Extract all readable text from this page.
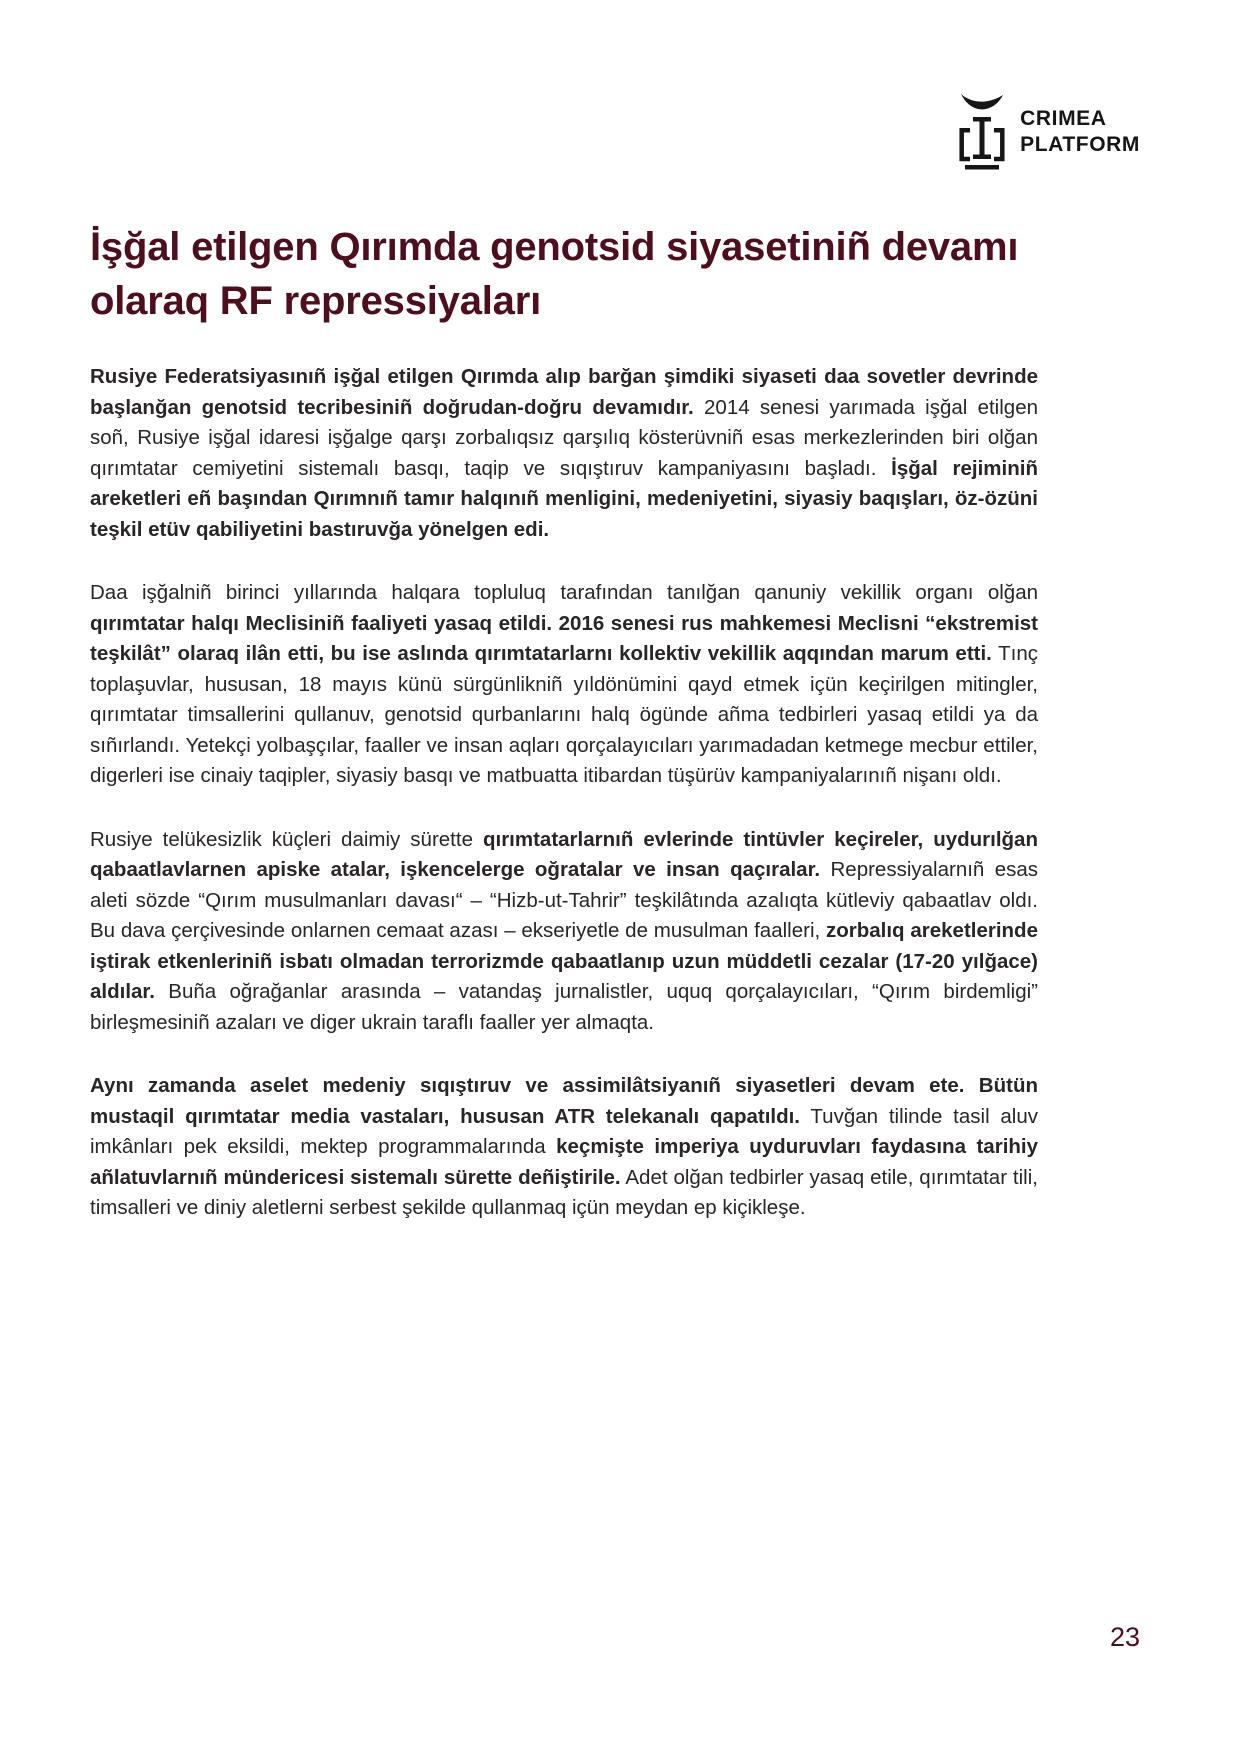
CRIMEA
PLATFORM
İşğal etilgen Qırımda genotsid siyasetiniñ devamı olaraq RF repressiyaları

Rusiye Federatsiyasınıñ işğal etilgen Qırımda alıp barğan şimdiki siyaseti daa sovetler devrinde başlanğan genotsid tecribesiniñ doğrudan-doğru devamıdır. 2014 senesi yarımada işğal etilgen soñ, Rusiye işğal idaresi işğalge qarşı zorbalıqsız qarşılıq kösterüvniñ esas merkezlerinden biri olğan qırımtatar cemiyetini sistemalı basqı, taqip ve sıqıştıruv kampaniyasını başladı. İşğal rejiminiñ areketleri eñ başından Qırımnıñ tamır halqınıñ menligini, medeniyetini, siyasiy baqışları, öz-özüni teşkil etüv qabiliyetini bastıruvğa yönelgen edi.

Daa işğalniñ birinci yıllarında halqara topluluq tarafından tanılğan qanuniy vekillik organı olğan qırımtatar halqı Meclisiniñ faaliyeti yasaq etildi. 2016 senesi rus mahkemesi Meclisni “ekstremist teşkilât” olaraq ilân etti, bu ise aslında qırımtatarlarnı kollektiv vekillik aqqından marum etti. Tınç toplaşuvlar, hususan, 18 mayıs künü sürgünlikniñ yıldönümini qayd etmek içün keçirilgen mitingler, qırımtatar timsallerini qullanuv, genotsid qurbanlarını halq ögünde añma tedbirleri yasaq etildi ya da sıñırlandı. Yetekçi yolbaşçılar, faaller ve insan aqları qorçalayıcıları yarımadadan ketmege mecbur ettiler, digerleri ise cinaiy taqipler, siyasiy basqı ve matbuatta itibardan tüşürüv kampaniyalarınıñ nişanı oldı.

Rusiye telükesizlik küçleri daimiy sürette qırımtatarlarnıñ evlerinde tintüvler keçireler, uydurılğan qabaatlavlarnen apiske atalar, işkencelerge oğratalar ve insan qaçıralar. Repressiyalarnıñ esas aleti sözde “Qırım musulmanları davası“ – “Hizb-ut-Tahrir” teşkilâtında azalıqta kütleviy qabaatlav oldı. Bu dava çerçivesinde onlarnen cemaat azası – ekseriyetle de musulman faalleri, zorbalıq areketlerinde iştirak etkenleriniñ isbatı olmadan terrorizmde qabaatlanıp uzun müddetli cezalar (17-20 yılğace) aldılar. Buña oğrağanlar arasında – vatandaş jurnalistler, uquq qorçalayıcıları, “Qırım birdemligi” birleşmesiniñ azaları ve diger ukrain taraflı faaller yer almaqta.

Aynı zamanda aselet medeniy sıqıştıruv ve assimilâtsiyanıñ siyasetleri devam ete. Bütün mustaqil qırımtatar media vastaları, hususan ATR telekanalı qapatıldı. Tuvğan tilinde tasil aluv imkânları pek eksildi, mektep programmalarında keçmişte imperiya uyduruvları faydasına tarihiy añlatuvlarnıñ mündericesi sistemalı sürette deñiştirile. Adet olğan tedbirler yasaq etile, qırımtatar tili, timsalleri ve diniy aletlerni serbest şekilde qullanmaq içün meydan ep kiçikleşe.

23
